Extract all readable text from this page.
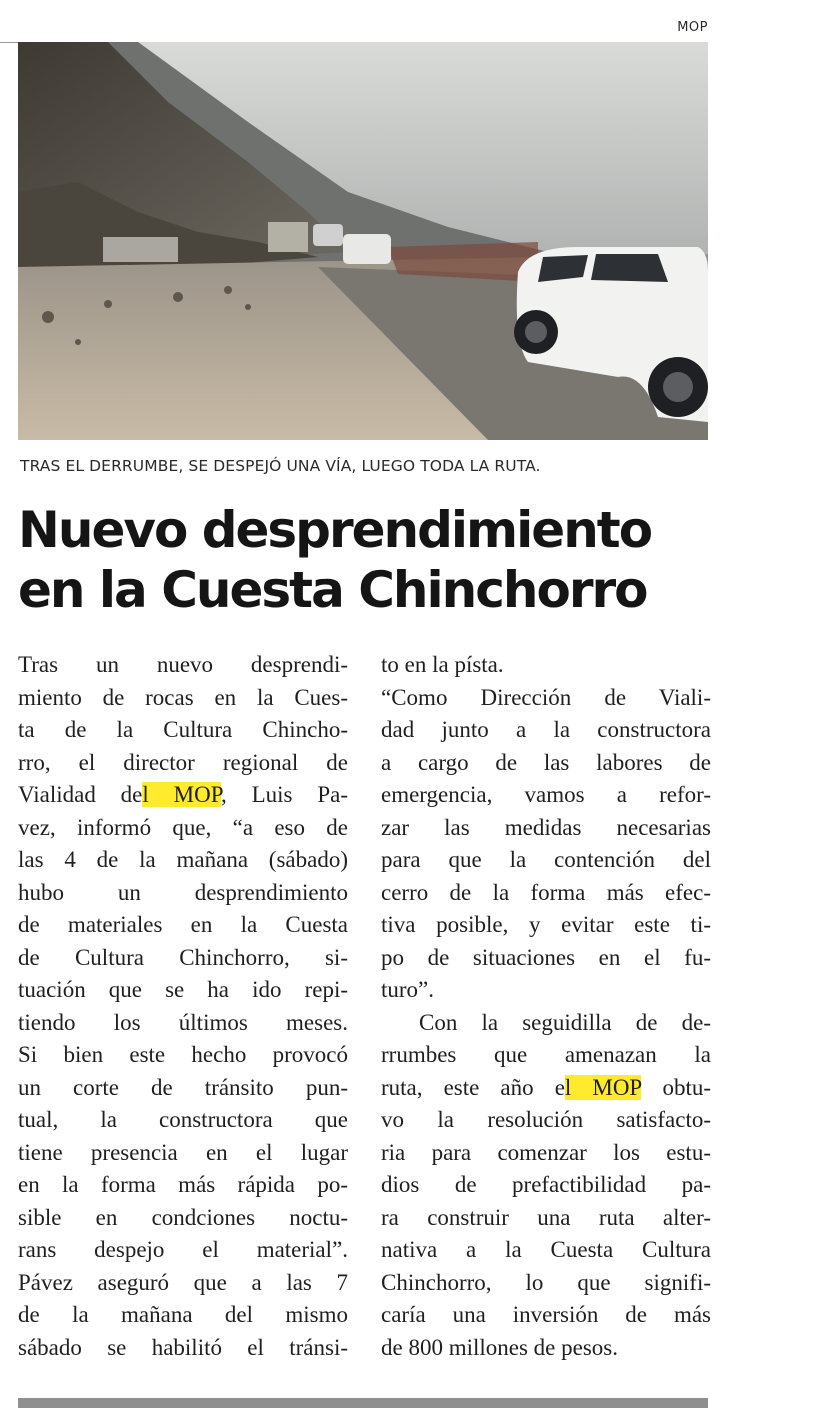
MOP
TRAS EL DERRUMBE, SE DESPEJÓ UNA VÍA, LUEGO TODA LA RUTA.
Nuevo desprendimiento
en la Cuesta Chinchorro
Tras un nuevo desprendi-
miento de rocas en la Cues-
ta de la Cultura Chincho-
rro, el director regional de
Vialidad del MOP, Luis Pa-
vez, informó que, “a eso de
las 4 de la mañana (sábado)
hubo un desprendimiento
de materiales en la Cuesta
de Cultura Chinchorro, si-
tuación que se ha ido repi-
tiendo los últimos meses.
Si bien este hecho provocó
un corte de tránsito pun-
tual, la constructora que
tiene presencia en el lugar
en la forma más rápida po-
sible en condciones noctu-
rans despejo el material”.
Pávez aseguró que a las 7
de la mañana del mismo
sábado se habilitó el tránsi-
to en la písta.
“Como Dirección de Viali-
dad junto a la constructora
a cargo de las labores de
emergencia, vamos a refor-
zar las medidas necesarias
para que la contención del
cerro de la forma más efec-
tiva posible, y evitar este ti-
po de situaciones en el fu-
turo”.
Con la seguidilla de de-
rrumbes que amenazan la
ruta, este año el MOP obtu-
vo la resolución satisfacto-
ria para comenzar los estu-
dios de prefactibilidad pa-
ra construir una ruta alter-
nativa a la Cuesta Cultura
Chinchorro, lo que signifi-
caría una inversión de más
de 800 millones de pesos.
